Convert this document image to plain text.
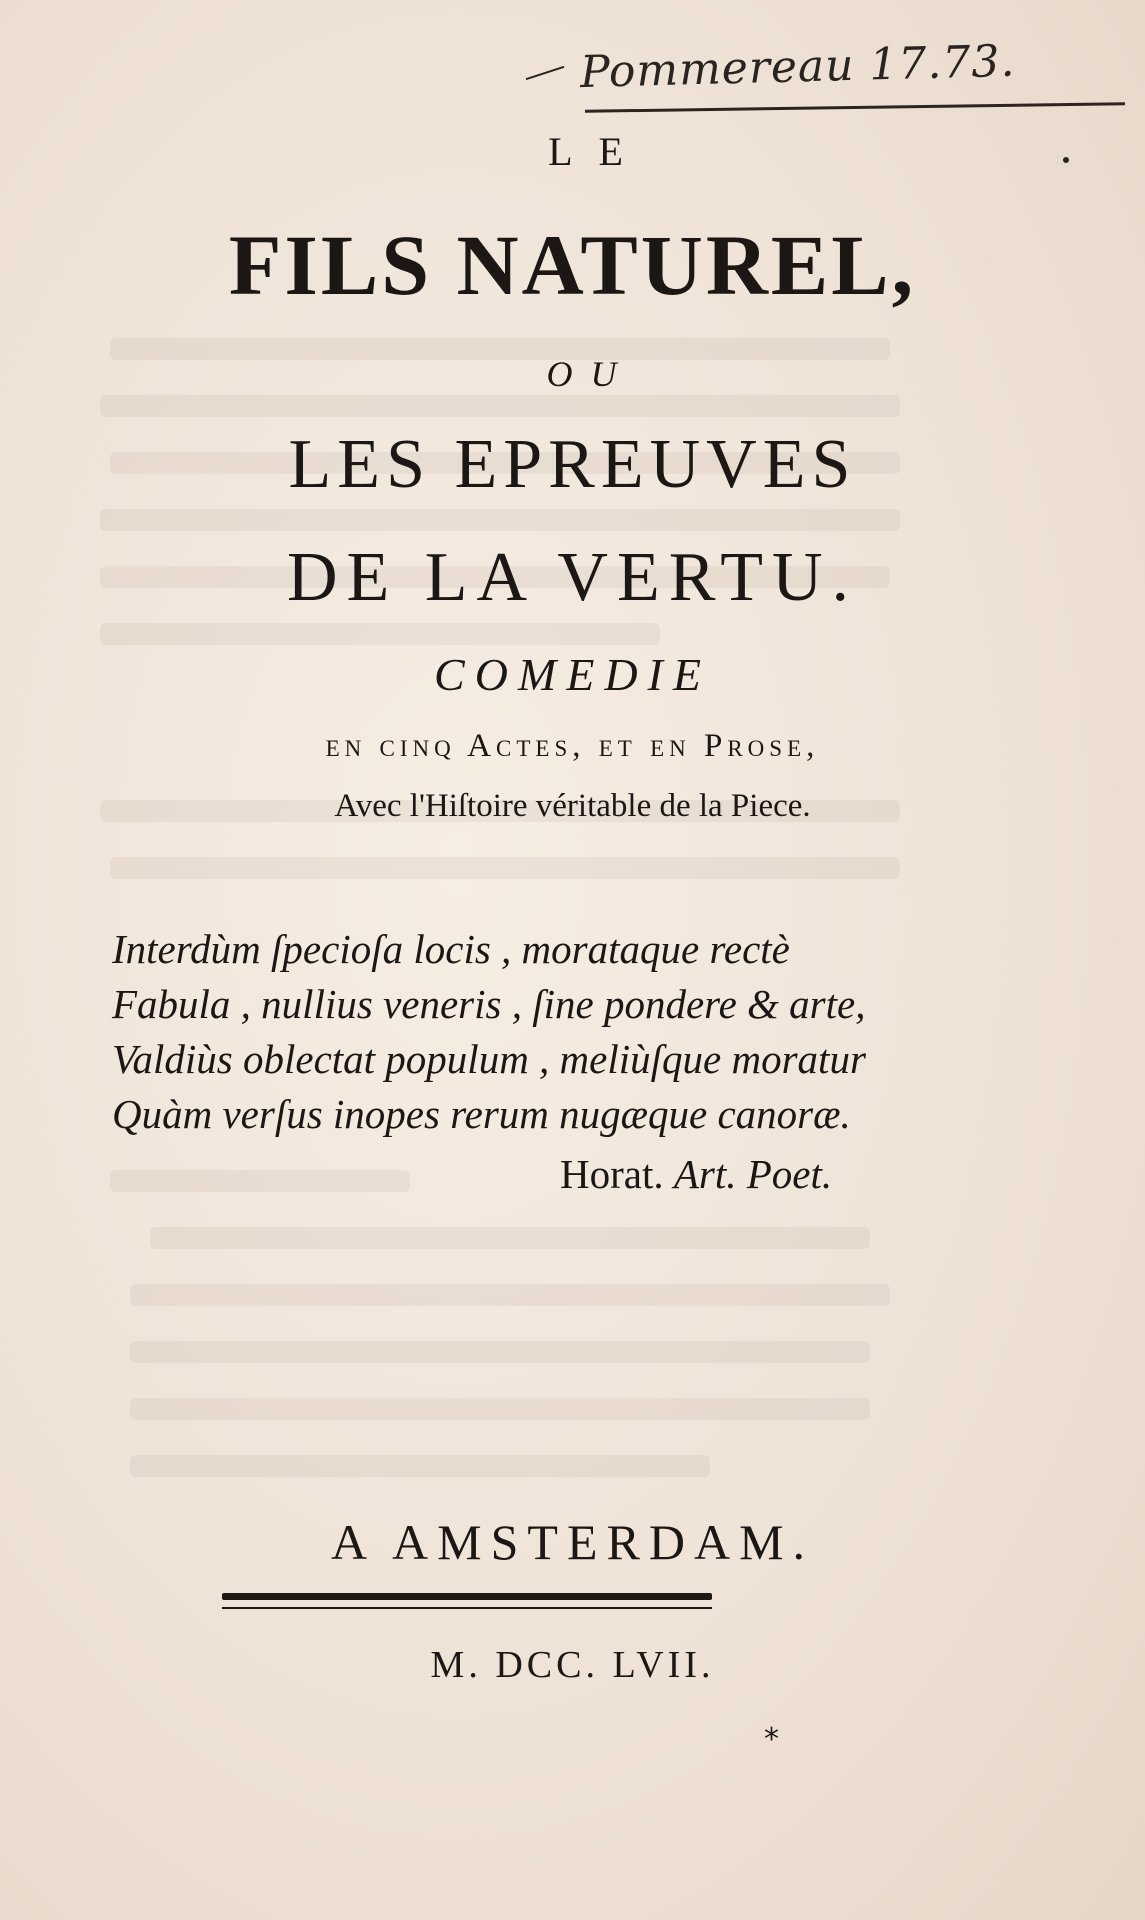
Pommereau 17.73.
LE
FILS NATUREL,
OU
LES EPREUVES
DE LA VERTU.
COMEDIE
en cinq Actes, et en Prose,
Avec l'Hiſtoire véritable de la Piece.
Interdùm ſpecioſa locis , morataque rectè
Fabula , nullius veneris , ſine pondere & arte,
Valdiùs oblectat populum , meliùſque moratur
Quàm verſus inopes rerum nugæque canoræ.
Horat. Art. Poet.
A AMSTERDAM.
M. DCC. LVII.
*
